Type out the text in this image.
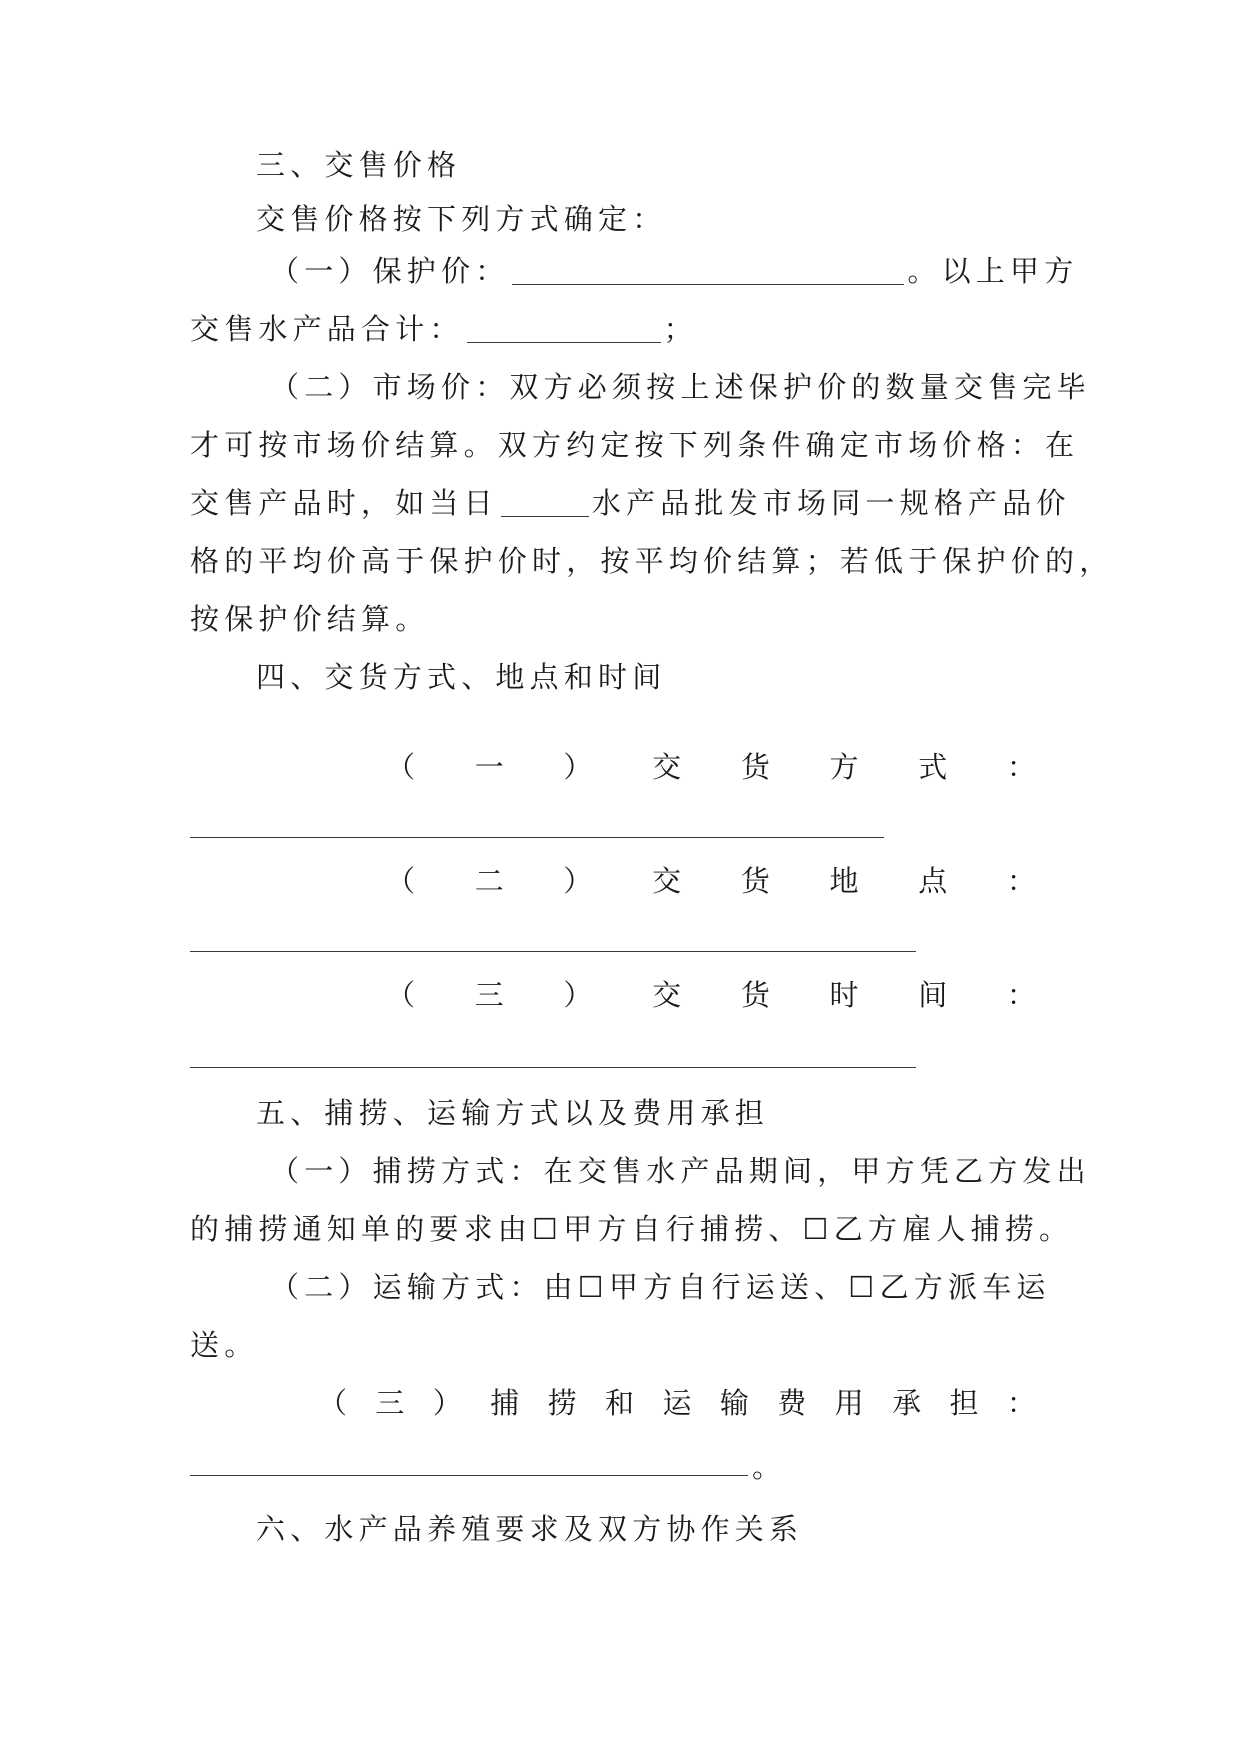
三、交售价格
交售价格按下列方式确定：
（一）保护价：	。以上甲方
交售水产品合计：	；
（二）市场价：双方必须按上述保护价的数量交售完毕
才可按市场价结算。双方约定按下列条件确定市场价格：在
交售产品时，如当日	水产品批发市场同一规格产品价
格的平均价高于保护价时，按平均价结算；若低于保护价的，
按保护价结算。
四、交货方式、地点和时间
（ 一 ） 交 货 方 式 ：
（ 二 ） 交 货 地 点 ：
（ 三 ） 交 货 时 间 ：
五、捕捞、运输方式以及费用承担
（一）捕捞方式：在交售水产品期间，甲方凭乙方发出
的捕捞通知单的要求由☐甲方自行捕捞、☐乙方雇人捕捞。
（二）运输方式：由☐甲方自行运送、☐乙方派车运
送。
（ 三 ） 捕 捞 和 运 输 费 用 承 担 ：
。
六、水产品养殖要求及双方协作关系
